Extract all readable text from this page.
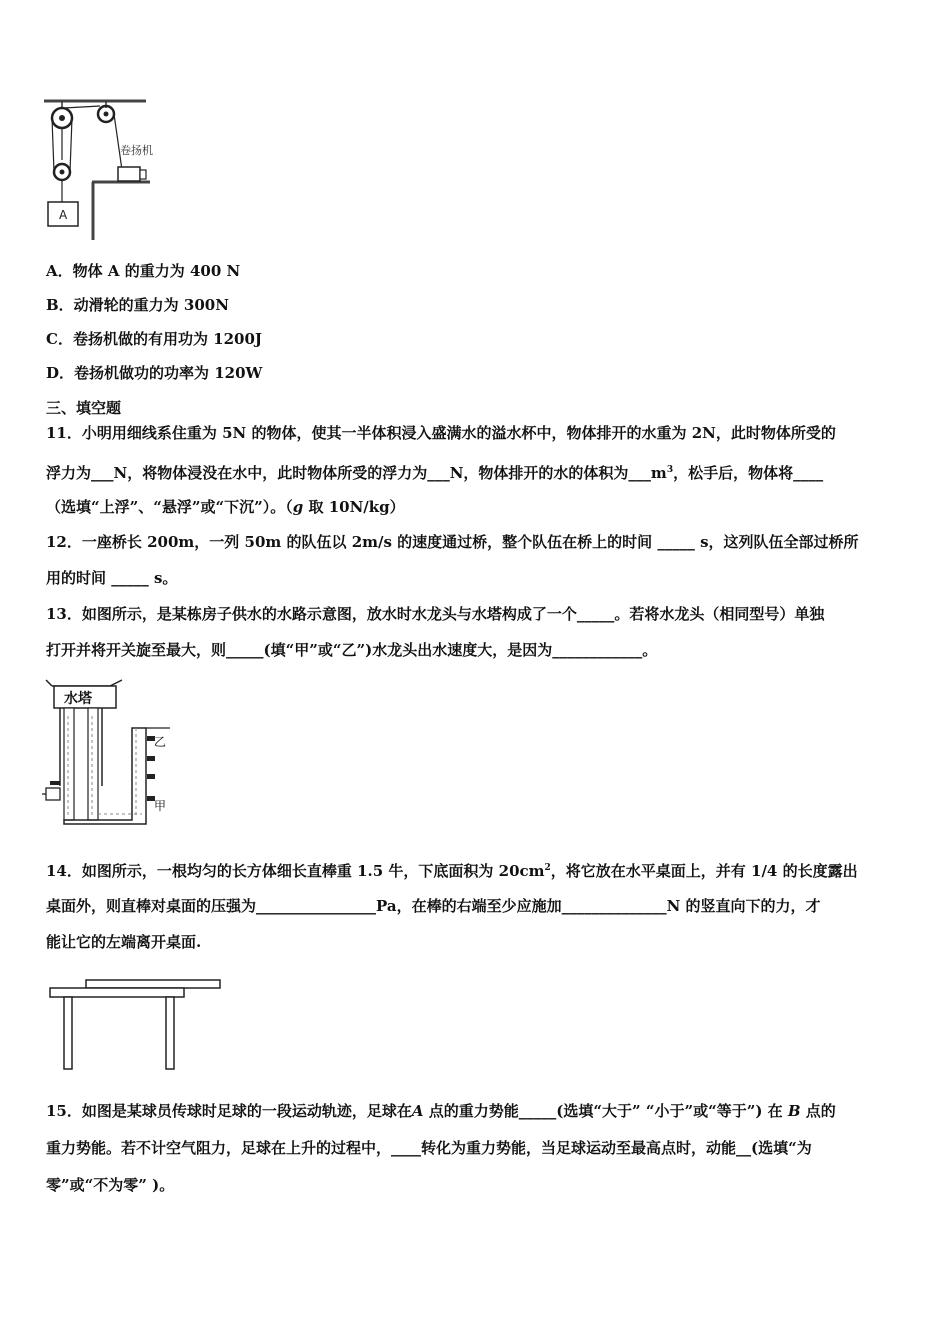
卷扬机
A
A．物体 A 的重力为 400 N
B．动滑轮的重力为 300N
C．卷扬机做的有用功为 1200J
D．卷扬机做功的功率为 120W
三、填空题
11．小明用细线系住重为 5N 的物体，使其一半体积浸入盛满水的溢水杯中，物体排开的水重为 2N，此时物体所受的
浮力为___N，将物体浸没在水中，此时物体所受的浮力为___N，物体排开的水的体积为$\_\_\_m^3$，松手后，物体将____
（选填“上浮”、“悬浮”或“下沉”）。（g 取 10N/kg）
12．一座桥长 200m，一列 50m 的队伍以 2m/s 的速度通过桥，整个队伍在桥上的时间 _____ s，这列队伍全部过桥所
用的时间 _____ s。
13．如图所示，是某栋房子供水的水路示意图，放水时水龙头与水塔构成了一个_____。若将水龙头（相同型号）单独
打开并将开关旋至最大，则_____(填“甲”或“乙”)水龙头出水速度大，是因为____________。
水塔
乙
甲
14．如图所示，一根均匀的长方体细长直棒重 1.5 牛，下底面积为 $20cm^2$，将它放在水平桌面上，并有 1/4 的长度露出
桌面外，则直棒对桌面的压强为________________Pa，在棒的右端至少应施加______________N 的竖直向下的力，才
能让它的左端离开桌面.
15．如图是某球员传球时足球的一段运动轨迹，足球在A 点的重力势能_____(选填“大于” “小于”或“等于”) 在 B 点的
重力势能。若不计空气阻力，足球在上升的过程中，____转化为重力势能，当足球运动至最高点时，动能__(选填“为
零”或“不为零” )。
